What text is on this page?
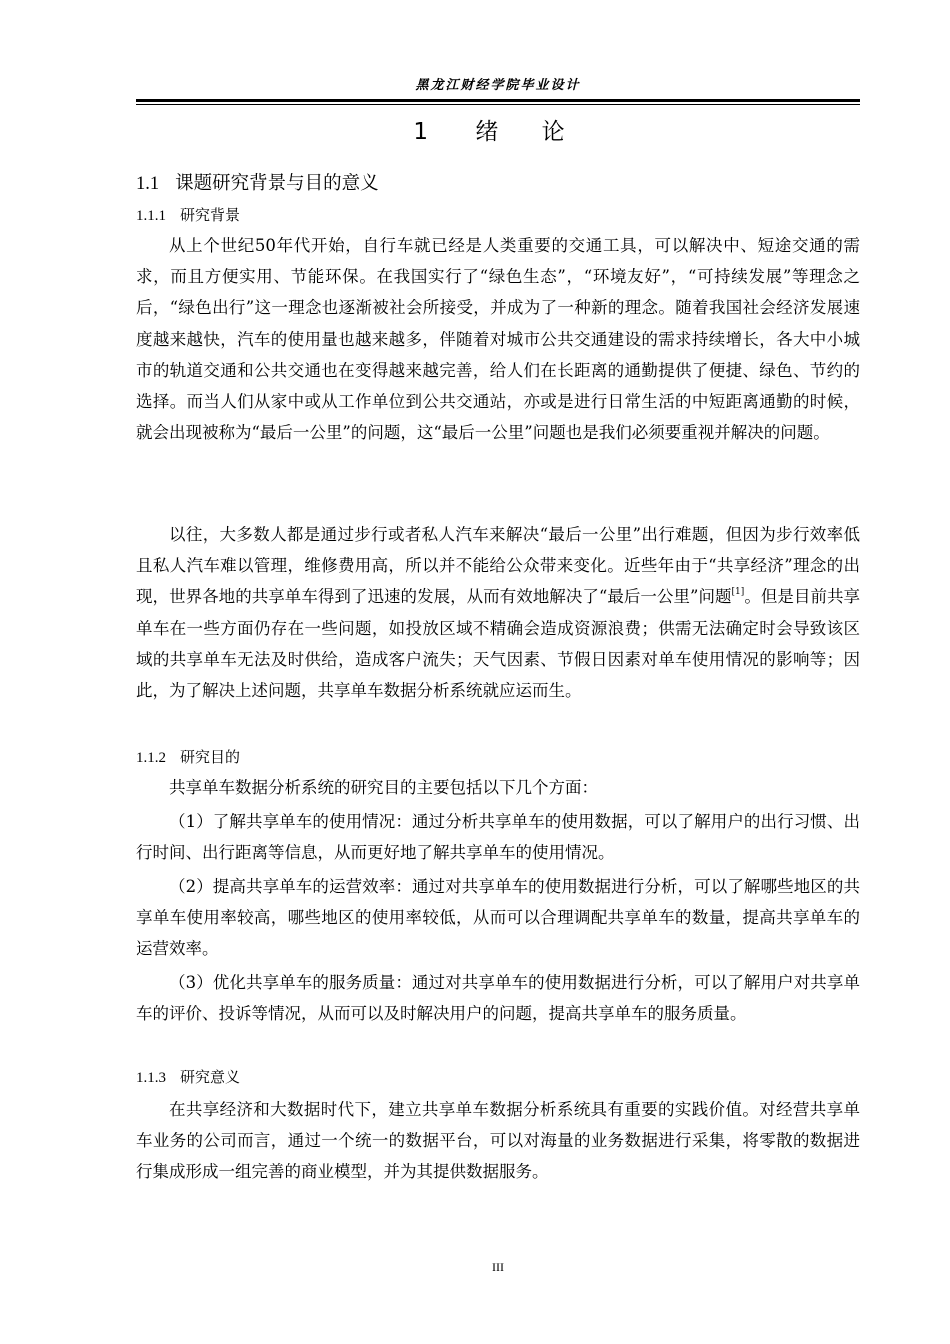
黑龙江财经学院毕业设计
1 绪 论
1.1 课题研究背景与目的意义
1.1.1 研究背景

从上个世纪50年代开始，自行车就已经是人类重要的交通工具，可以解决中、短途交通的需求，而且方便实用、节能环保。在我国实行了“绿色生态”，“环境友好”，“可持续发展”等理念之后，“绿色出行”这一理念也逐渐被社会所接受，并成为了一种新的理念。随着我国社会经济发展速度越来越快，汽车的使用量也越来越多，伴随着对城市公共交通建设的需求持续增长，各大中小城市的轨道交通和公共交通也在变得越来越完善，给人们在长距离的通勤提供了便捷、绿色、节约的选择。而当人们从家中或从工作单位到公共交通站，亦或是进行日常生活的中短距离通勤的时候，就会出现被称为“最后一公里”的问题，这“最后一公里”问题也是我们必须要重视并解决的问题。

以往，大多数人都是通过步行或者私人汽车来解决“最后一公里”出行难题，但因为步行效率低且私人汽车难以管理，维修费用高，所以并不能给公众带来变化。近些年由于“共享经济”理念的出现，世界各地的共享单车得到了迅速的发展，从而有效地解决了“最后一公里”问题[1]。但是目前共享单车在一些方面仍存在一些问题，如投放区域不精确会造成资源浪费；供需无法确定时会导致该区域的共享单车无法及时供给，造成客户流失；天气因素、节假日因素对单车使用情况的影响等；因此，为了解决上述问题，共享单车数据分析系统就应运而生。

1.1.2 研究目的

共享单车数据分析系统的研究目的主要包括以下几个方面：

（1）了解共享单车的使用情况：通过分析共享单车的使用数据，可以了解用户的出行习惯、出行时间、出行距离等信息，从而更好地了解共享单车的使用情况。

（2）提高共享单车的运营效率：通过对共享单车的使用数据进行分析，可以了解哪些地区的共享单车使用率较高，哪些地区的使用率较低，从而可以合理调配共享单车的数量，提高共享单车的运营效率。

（3）优化共享单车的服务质量：通过对共享单车的使用数据进行分析，可以了解用户对共享单车的评价、投诉等情况，从而可以及时解决用户的问题，提高共享单车的服务质量。

1.1.3 研究意义

在共享经济和大数据时代下，建立共享单车数据分析系统具有重要的实践价值。对经营共享单车业务的公司而言，通过一个统一的数据平台，可以对海量的业务数据进行采集，将零散的数据进行集成形成一组完善的商业模型，并为其提供数据服务。

III
